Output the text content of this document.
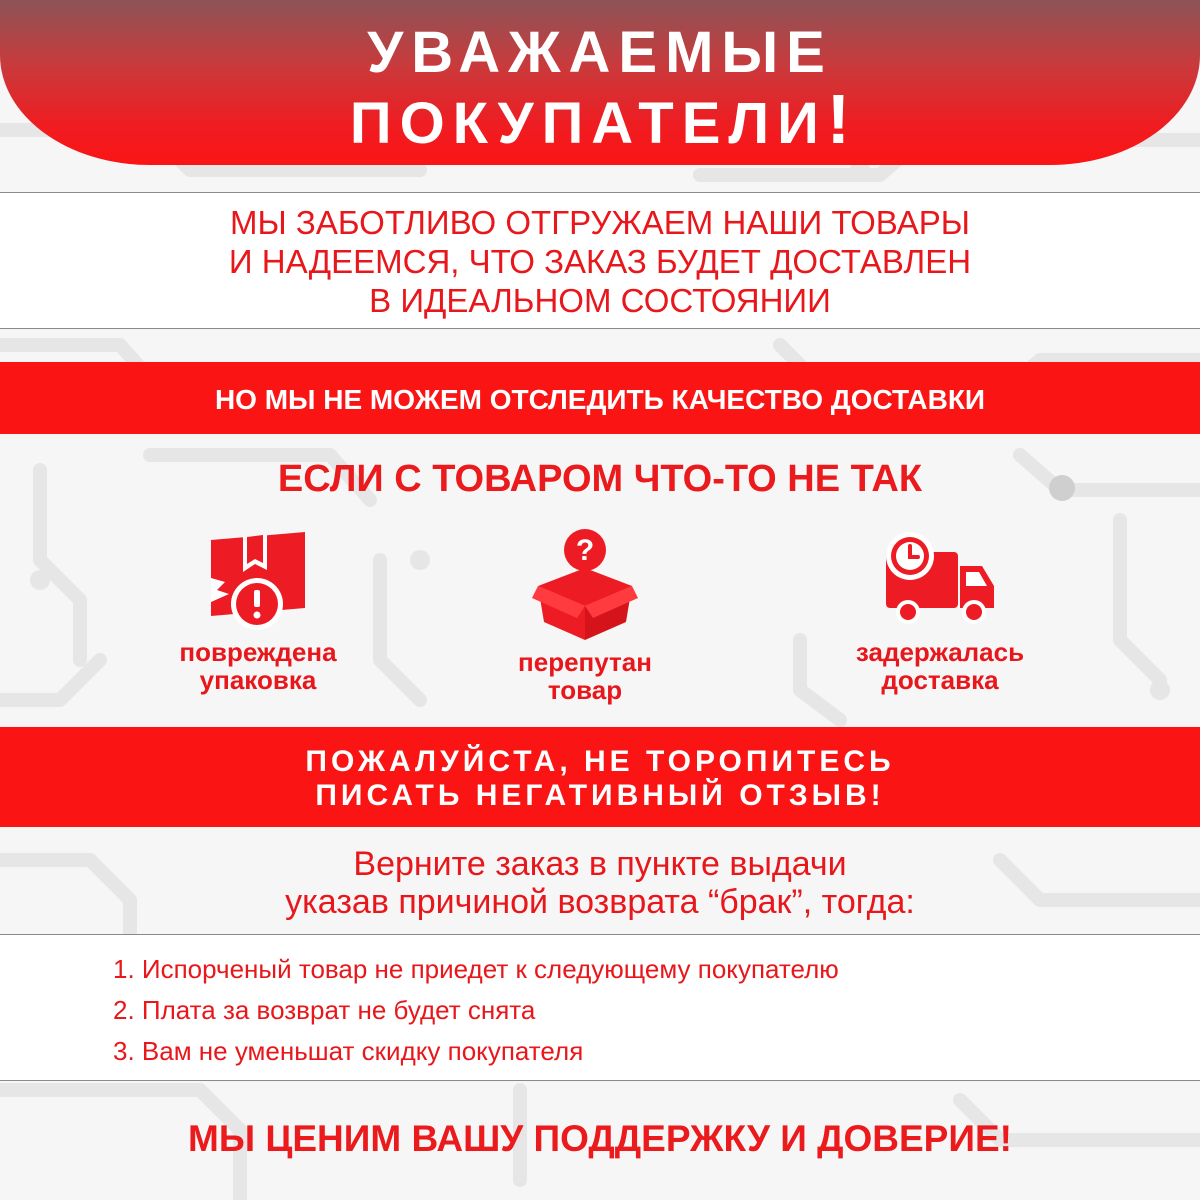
УВАЖАЕМЫЕ
ПОКУПАТЕЛИ!
МЫ ЗАБОТЛИВО ОТГРУЖАЕМ НАШИ ТОВАРЫ
И НАДЕЕМСЯ, ЧТО ЗАКАЗ БУДЕТ ДОСТАВЛЕН
В ИДЕАЛЬНОМ СОСТОЯНИИ
НО МЫ НЕ МОЖЕМ ОТСЛЕДИТЬ КАЧЕСТВО ДОСТАВКИ
ЕСЛИ С ТОВАРОМ ЧТО-ТО НЕ ТАК
повреждена
упаковка
?
перепутан
товар
задержалась
доставка
ПОЖАЛУЙСТА, НЕ ТОРОПИТЕСЬ
ПИСАТЬ НЕГАТИВНЫЙ ОТЗЫВ!
Верните заказ в пункте выдачи
указав причиной возврата “брак”, тогда:
1. Испорченый товар не приедет к следующему покупателю
2. Плата за возврат не будет снята
3. Вам не уменьшат скидку покупателя
МЫ ЦЕНИМ ВАШУ ПОДДЕРЖКУ И ДОВЕРИЕ!
